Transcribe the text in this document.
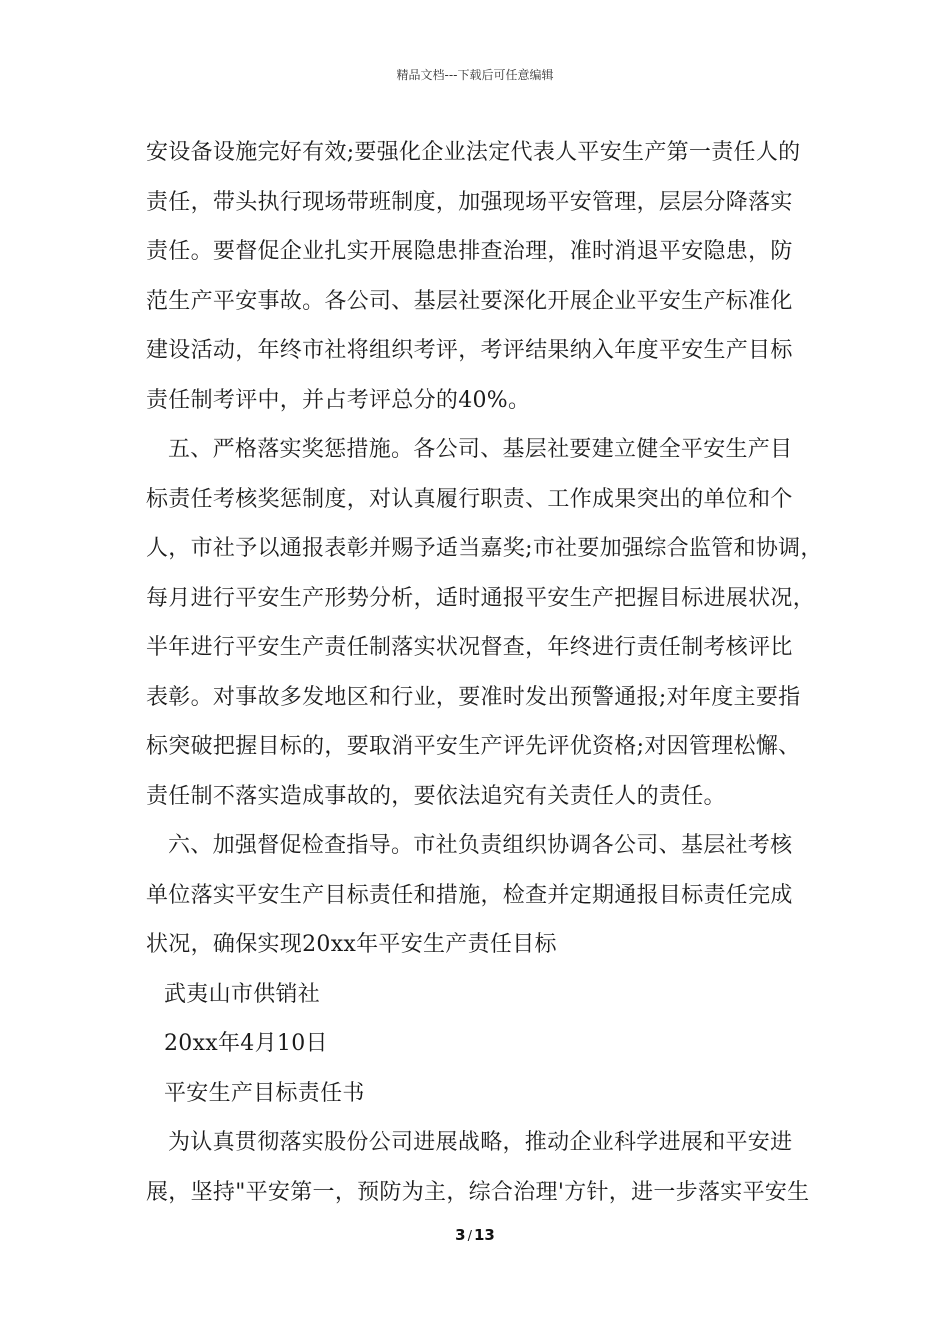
精品文档---下载后可任意编辑
安设备设施完好有效;要强化企业法定代表人平安生产第一责任人的
责任，带头执行现场带班制度，加强现场平安管理，层层分降落实
责任。要督促企业扎实开展隐患排查治理，准时消退平安隐患，防
范生产平安事故。各公司、基层社要深化开展企业平安生产标准化
建设活动，年终市社将组织考评，考评结果纳入年度平安生产目标
责任制考评中，并占考评总分的40%。
五、严格落实奖惩措施。各公司、基层社要建立健全平安生产目
标责任考核奖惩制度，对认真履行职责、工作成果突出的单位和个
人，市社予以通报表彰并赐予适当嘉奖;市社要加强综合监管和协调，
每月进行平安生产形势分析，适时通报平安生产把握目标进展状况，
半年进行平安生产责任制落实状况督查，年终进行责任制考核评比
表彰。对事故多发地区和行业，要准时发出预警通报;对年度主要指
标突破把握目标的，要取消平安生产评先评优资格;对因管理松懈、
责任制不落实造成事故的，要依法追究有关责任人的责任。
六、加强督促检查指导。市社负责组织协调各公司、基层社考核
单位落实平安生产目标责任和措施，检查并定期通报目标责任完成
状况，确保实现20xx年平安生产责任目标
武夷山市供销社
20xx年4月10日
平安生产目标责任书
为认真贯彻落实股份公司进展战略，推动企业科学进展和平安进
展，坚持"平安第一，预防为主，综合治理'方针，进一步落实平安生
3 / 13
